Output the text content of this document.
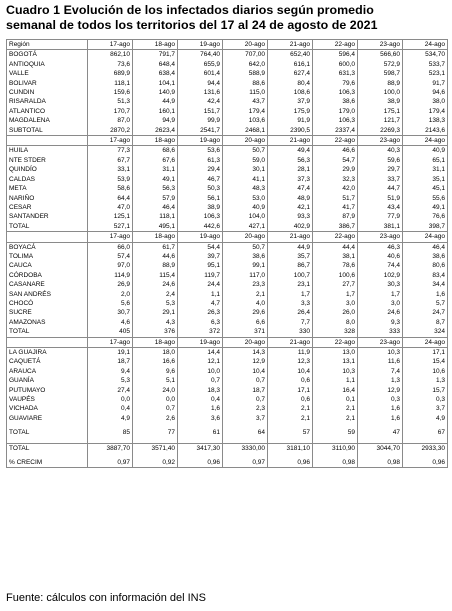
Cuadro 1 Evolución de los infectados diarios según promedio
semanal de todos los territorios del 17 al 24 de agosto de 2021
Región	17-ago	18-ago	19-ago	20-ago	21-ago	22-ago	23-ago	24-ago
BOGOTÁ	862,10	791,7	764,40	707,00	652,40	596,4	566,60	534,70
ANTIOQUIA	73,6	648,4	655,9	642,0	616,1	600,0	572,9	533,7
VALLE	689,9	638,4	601,4	588,9	627,4	631,3	598,7	523,1
BOLIVAR	118,1	104,1	94,4	88,6	80,4	79,6	88,9	91,7
CUNDIN	159,6	140,9	131,6	115,0	108,6	106,3	100,0	94,6
RISARALDA	51,3	44,9	42,4	43,7	37,9	38,6	38,9	38,0
ATLANTICO	170,7	160,1	151,7	179,4	175,9	179,0	175,1	179,4
MAGDALENA	87,0	94,9	99,9	103,6	91,9	106,3	121,7	138,3
SUBTOTAL	2870,2	2623,4	2541,7	2468,1	2390,5	2337,4	2269,3	2143,6
	17-ago	18-ago	19-ago	20-ago	21-ago	22-ago	23-ago	24-ago
HUILA	77,3	68,6	53,6	50,7	49,4	46,6	40,3	40,9
NTE STDER	67,7	67,6	61,3	59,0	56,3	54,7	59,6	65,1
QUINDÍO	33,1	31,1	29,4	30,1	28,1	29,9	29,7	31,1
CALDAS	53,9	49,1	46,7	41,1	37,3	32,3	33,7	35,1
META	58,6	56,3	50,3	48,3	47,4	42,0	44,7	45,1
NARIÑO	64,4	57,9	56,1	53,0	48,9	51,7	51,9	55,6
CESAR	47,0	46,4	38,9	40,9	42,1	41,7	43,4	49,1
SANTANDER	125,1	118,1	106,3	104,0	93,3	87,9	77,9	76,6
TOTAL	527,1	495,1	442,6	427,1	402,9	386,7	381,1	398,7
	17-ago	18-ago	19-ago	20-ago	21-ago	22-ago	23-ago	24-ago
BOYACÁ	66,0	61,7	54,4	50,7	44,9	44,4	46,3	46,4
TOLIMA	57,4	44,6	39,7	38,6	35,7	38,1	40,6	38,6
CAUCA	97,0	88,9	95,1	99,1	86,7	78,6	74,4	80,6
CÓRDOBA	114,9	115,4	119,7	117,0	100,7	100,6	102,9	83,4
CASANARE	26,9	24,6	24,4	23,3	23,1	27,7	30,3	34,4
SAN ANDRÉS	2,0	2,4	1,1	2,1	1,7	1,7	1,7	1,6
CHOCÓ	5,6	5,3	4,7	4,0	3,3	3,0	3,0	5,7
SUCRE	30,7	29,1	26,3	29,6	26,4	26,0	24,6	24,7
AMAZONAS	4,6	4,3	6,3	6,6	7,7	8,0	9,3	8,7
TOTAL	405	376	372	371	330	328	333	324
	17-ago	18-ago	19-ago	20-ago	21-ago	22-ago	23-ago	24-ago
LA GUAJIRA	19,1	18,0	14,4	14,3	11,9	13,0	10,3	17,1
CAQUETÁ	18,7	16,6	12,1	12,9	12,3	13,1	11,6	15,4
ARAUCA	9,4	9,6	10,0	10,4	10,4	10,3	7,4	10,6
GUANÍA	5,3	5,1	0,7	0,7	0,6	1,1	1,3	1,3
PUTUMAYO	27,4	24,0	18,3	18,7	17,1	16,4	12,9	15,7
VAUPÉS	0,0	0,0	0,4	0,7	0,6	0,1	0,3	0,3
VICHADA	0,4	0,7	1,6	2,3	2,1	2,1	1,6	3,7
GUAVIARE	4,9	2,6	3,6	3,7	2,1	2,1	1,6	4,9

TOTAL	85	77	61	64	57	59	47	67

TOTAL	3887,70	3571,40	3417,30	3330,00	3181,10	3110,90	3044,70	2933,30

% CRECIM	0,97	0,92	0,96	0,97	0,96	0,98	0,98	0,96
Fuente: cálculos con información del INS
